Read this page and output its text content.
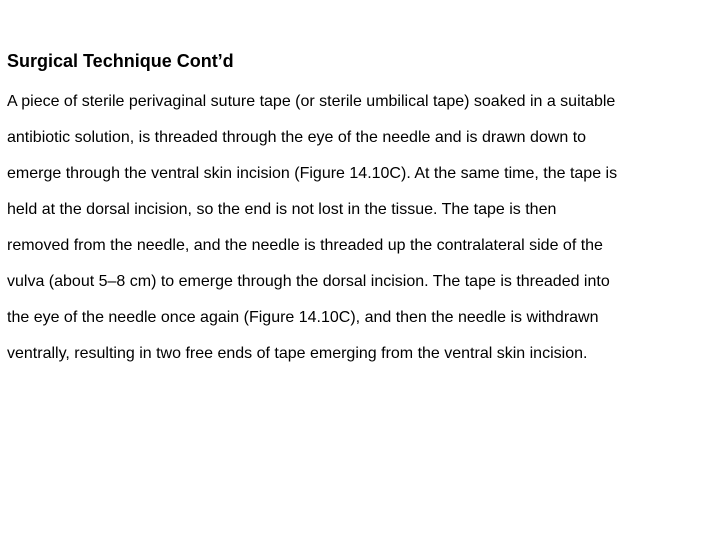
Surgical Technique Cont’d
A piece of sterile perivaginal suture tape (or sterile umbilical tape) soaked in a suitable
antibiotic solution, is threaded through the eye of the needle and is drawn down to
emerge through the ventral skin incision (Figure 14.10C). At the same time, the tape is
held at the dorsal incision, so the end is not lost in the tissue. The tape is then
removed from the needle, and the needle is threaded up the contralateral side of the
vulva (about 5–8 cm) to emerge through the dorsal incision. The tape is threaded into
the eye of the needle once again (Figure 14.10C), and then the needle is withdrawn
ventrally, resulting in two free ends of tape emerging from the ventral skin incision.
